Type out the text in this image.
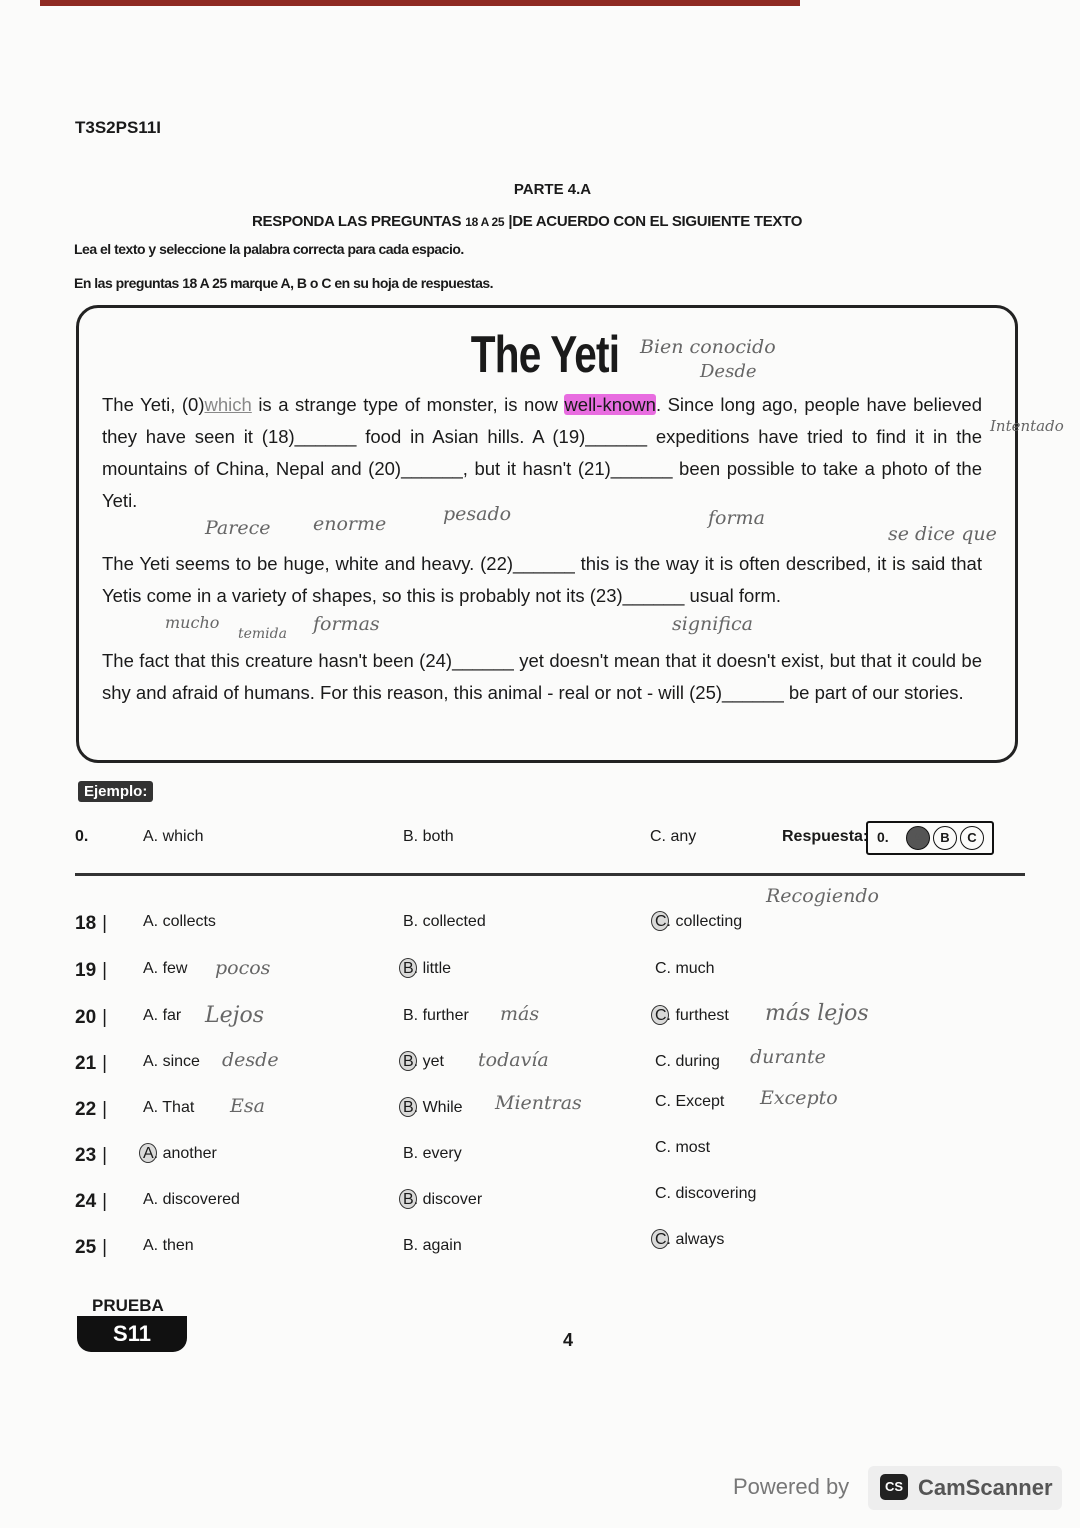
T3S2PS11I
PARTE 4.A
RESPONDA LAS PREGUNTAS 18 A 25 |DE ACUERDO CON EL SIGUIENTE TEXTO
Lea el texto y seleccione la palabra correcta para cada espacio.
En las preguntas 18 A 25 marque A, B o C en su hoja de respuestas.
The Yeti
The Yeti, (0)which is a strange type of monster, is now well-known. Since long ago, people have believed they have seen it (18)______ food in Asian hills. A (19)______ expeditions have tried to find it in the mountains of China, Nepal and (20)______, but it hasn't (21)______ been possible to take a photo of the Yeti.
The Yeti seems to be huge, white and heavy. (22)______ this is the way it is often described, it is said that Yetis come in a variety of shapes, so this is probably not its (23)______ usual form.
The fact that this creature hasn't been (24)______ yet doesn't mean that it doesn't exist, but that it could be shy and afraid of humans. For this reason, this animal - real or not - will (25)______ be part of our stories.
Bien conocido
Desde
Intentado
Parece enorme	pesado	forma
se dice que
mucho	formas	significa
temida
Ejemplo:
0.	A. which	B. both	C. any	Respuesta: 0.	A	B	C
18 |	A. collects	B. collected	C. collecting
19 |	A. few	B. little	C. much
20 |	A. far	B. further	C. furthest
21 |	A. since	B. yet	C. during
22 |	A. That	B. While	C. Except
23 |	A. another	B. every	C. most
24 |	A. discovered	B. discover	C. discovering
25 |	A. then	B. again	C. always
Recogiendo
pocos
Lejos	más	más lejos
desde	todavía	durante
Esa	Mientras	Excepto
PRUEBA
S11	4
Powered by	CS CamScanner
